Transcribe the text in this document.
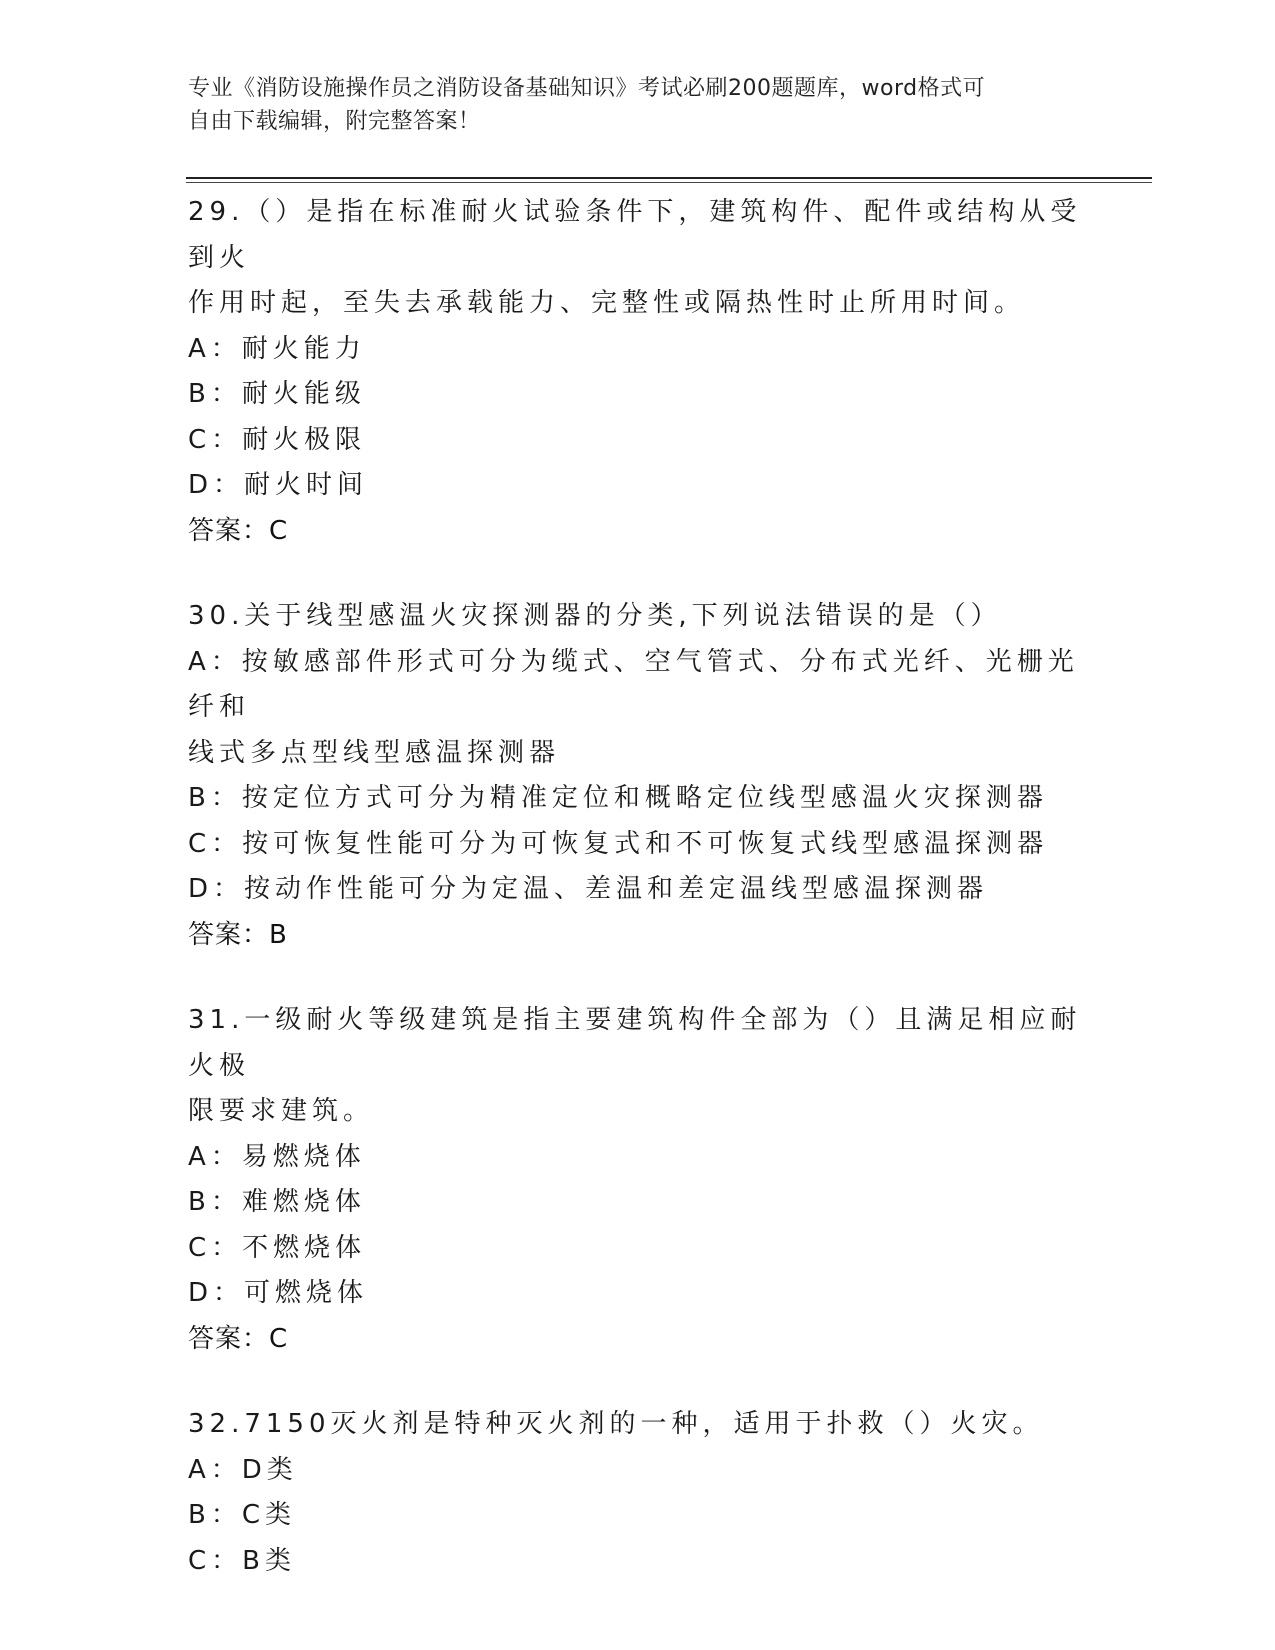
专业《消防设施操作员之消防设备基础知识》考试必刷200题题库，word格式可
自由下载编辑，附完整答案！
29.（）是指在标准耐火试验条件下，建筑构件、配件或结构从受到火
作用时起，至失去承载能力、完整性或隔热性时止所用时间。
A：耐火能力
B：耐火能级
C：耐火极限
D：耐火时间
答案：C
30.关于线型感温火灾探测器的分类,下列说法错误的是（）
A：按敏感部件形式可分为缆式、空气管式、分布式光纤、光栅光纤和
线式多点型线型感温探测器
B：按定位方式可分为精准定位和概略定位线型感温火灾探测器
C：按可恢复性能可分为可恢复式和不可恢复式线型感温探测器
D：按动作性能可分为定温、差温和差定温线型感温探测器
答案：B
31.一级耐火等级建筑是指主要建筑构件全部为（）且满足相应耐火极
限要求建筑。
A：易燃烧体
B：难燃烧体
C：不燃烧体
D：可燃烧体
答案：C
32.7150灭火剂是特种灭火剂的一种，适用于扑救（）火灾。
A：D类
B：C类
C：B类
